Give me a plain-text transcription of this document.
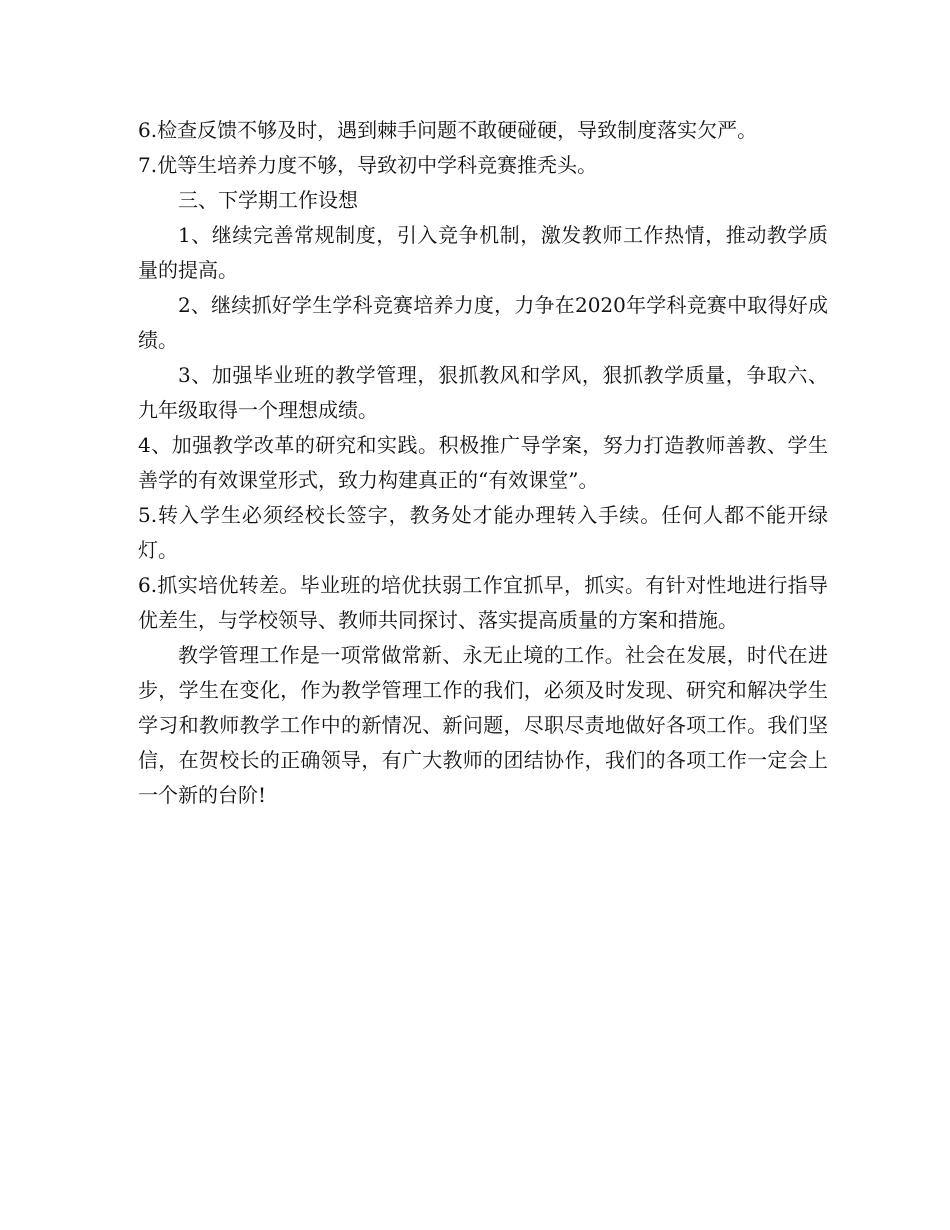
6.检查反馈不够及时，遇到棘手问题不敢硬碰硬，导致制度落实欠严。

7.优等生培养力度不够，导致初中学科竞赛推秃头。

三、下学期工作设想

1、继续完善常规制度，引入竞争机制，激发教师工作热情，推动教学质量的提高。

2、继续抓好学生学科竞赛培养力度，力争在2020年学科竞赛中取得好成绩。

3、加强毕业班的教学管理，狠抓教风和学风，狠抓教学质量，争取六、九年级取得一个理想成绩。

4、加强教学改革的研究和实践。积极推广导学案，努力打造教师善教、学生善学的有效课堂形式，致力构建真正的“有效课堂”。

5.转入学生必须经校长签字，教务处才能办理转入手续。任何人都不能开绿灯。

6.抓实培优转差。毕业班的培优扶弱工作宜抓早，抓实。有针对性地进行指导优差生，与学校领导、教师共同探讨、落实提高质量的方案和措施。

教学管理工作是一项常做常新、永无止境的工作。社会在发展，时代在进步，学生在变化，作为教学管理工作的我们，必须及时发现、研究和解决学生学习和教师教学工作中的新情况、新问题，尽职尽责地做好各项工作。我们坚信，在贺校长的正确领导，有广大教师的团结协作，我们的各项工作一定会上一个新的台阶!
